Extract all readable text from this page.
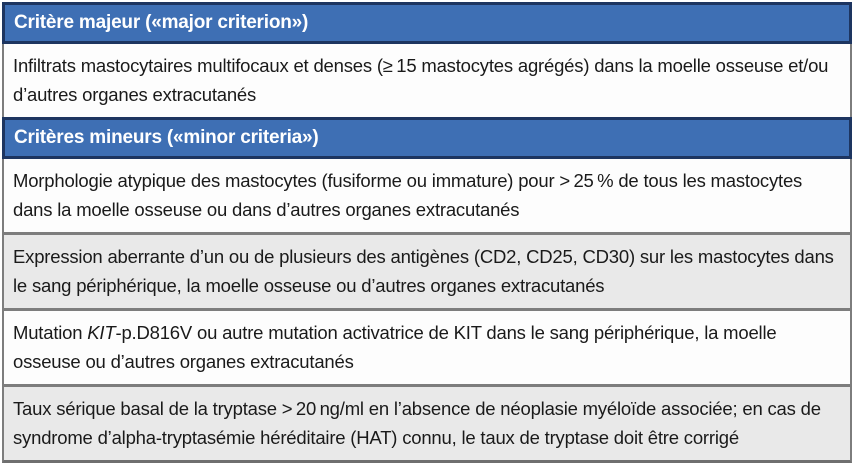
Critère majeur («major criterion»)
Infiltrats mastocytaires multifocaux et denses (≥ 15 mastocytes agrégés) dans la moelle osseuse et/ou d’autres organes extracutanés
Critères mineurs («minor criteria»)
Morphologie atypique des mastocytes (fusiforme ou immature) pour > 25 % de tous les mastocytes dans la moelle osseuse ou dans d’autres organes extracutanés
Expression aberrante d’un ou de plusieurs des antigènes (CD2, CD25, CD30) sur les mastocytes dans le sang périphérique, la moelle osseuse ou d’autres organes extracutanés
Mutation KIT-p.D816V ou autre mutation activatrice de KIT dans le sang périphérique, la moelle osseuse ou d’autres organes extracutanés
Taux sérique basal de la tryptase > 20 ng/ml en l’absence de néoplasie myéloïde associée; en cas de syndrome d’alpha-tryptasémie héréditaire (HAT) connu, le taux de tryptase doit être corrigé
